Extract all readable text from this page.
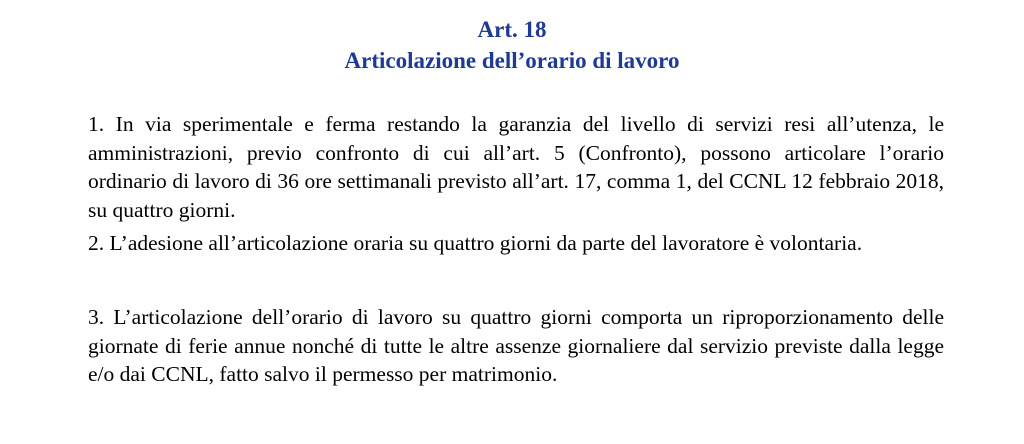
Art. 18
Articolazione dell’orario di lavoro

1. In via sperimentale e ferma restando la garanzia del livello di servizi resi all’utenza, le amministrazioni, previo confronto di cui all’art. 5 (Confronto), possono articolare l’orario ordinario di lavoro di 36 ore settimanali previsto all’art. 17, comma 1, del CCNL 12 febbraio 2018, su quattro giorni.

2. L’adesione all’articolazione oraria su quattro giorni da parte del lavoratore è volontaria.

3. L’articolazione dell’orario di lavoro su quattro giorni comporta un riproporzionamento delle giornate di ferie annue nonché di tutte le altre assenze giornaliere dal servizio previste dalla legge e/o dai CCNL, fatto salvo il permesso per matrimonio.
